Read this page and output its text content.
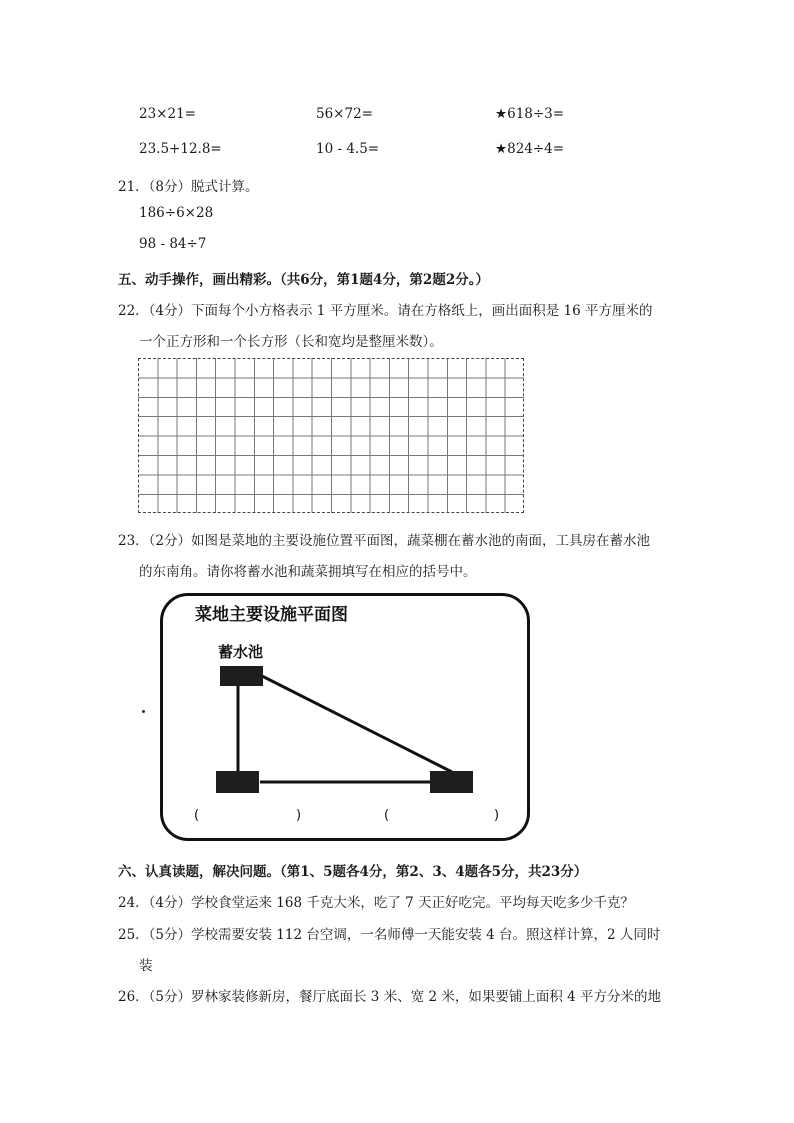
23×21=	56×72=	★618÷3=
23.5+12.8=	10 - 4.5=	★824÷4=
21．（8分）脱式计算。
186÷6×28
98 - 84÷7
五、动手操作，画出精彩。（共6分，第1题4分，第2题2分。）
22．（4分）下面每个小方格表示 1 平方厘米。请在方格纸上，画出面积是 16 平方厘米的
一个正方形和一个长方形（长和宽均是整厘米数）。
23．（2分）如图是菜地的主要设施位置平面图，蔬菜棚在蓄水池的南面，工具房在蓄水池
的东南角。请你将蓄水池和蔬菜拥填写在相应的括号中。
菜地主要设施平面图
蓄水池
(	)	(	)
六、认真读题，解决问题。（第1、5题各4分，第2、3、4题各5分，共23分）
24．（4分）学校食堂运来 168 千克大米，吃了 7 天正好吃完。平均每天吃多少千克？
25．（5分）学校需要安装 112 台空调，一名师傅一天能安装 4 台。照这样计算，2 人同时
装
26．（5分）罗林家装修新房，餐厅底面长 3 米、宽 2 米，如果要铺上面积 4 平方分米的地
